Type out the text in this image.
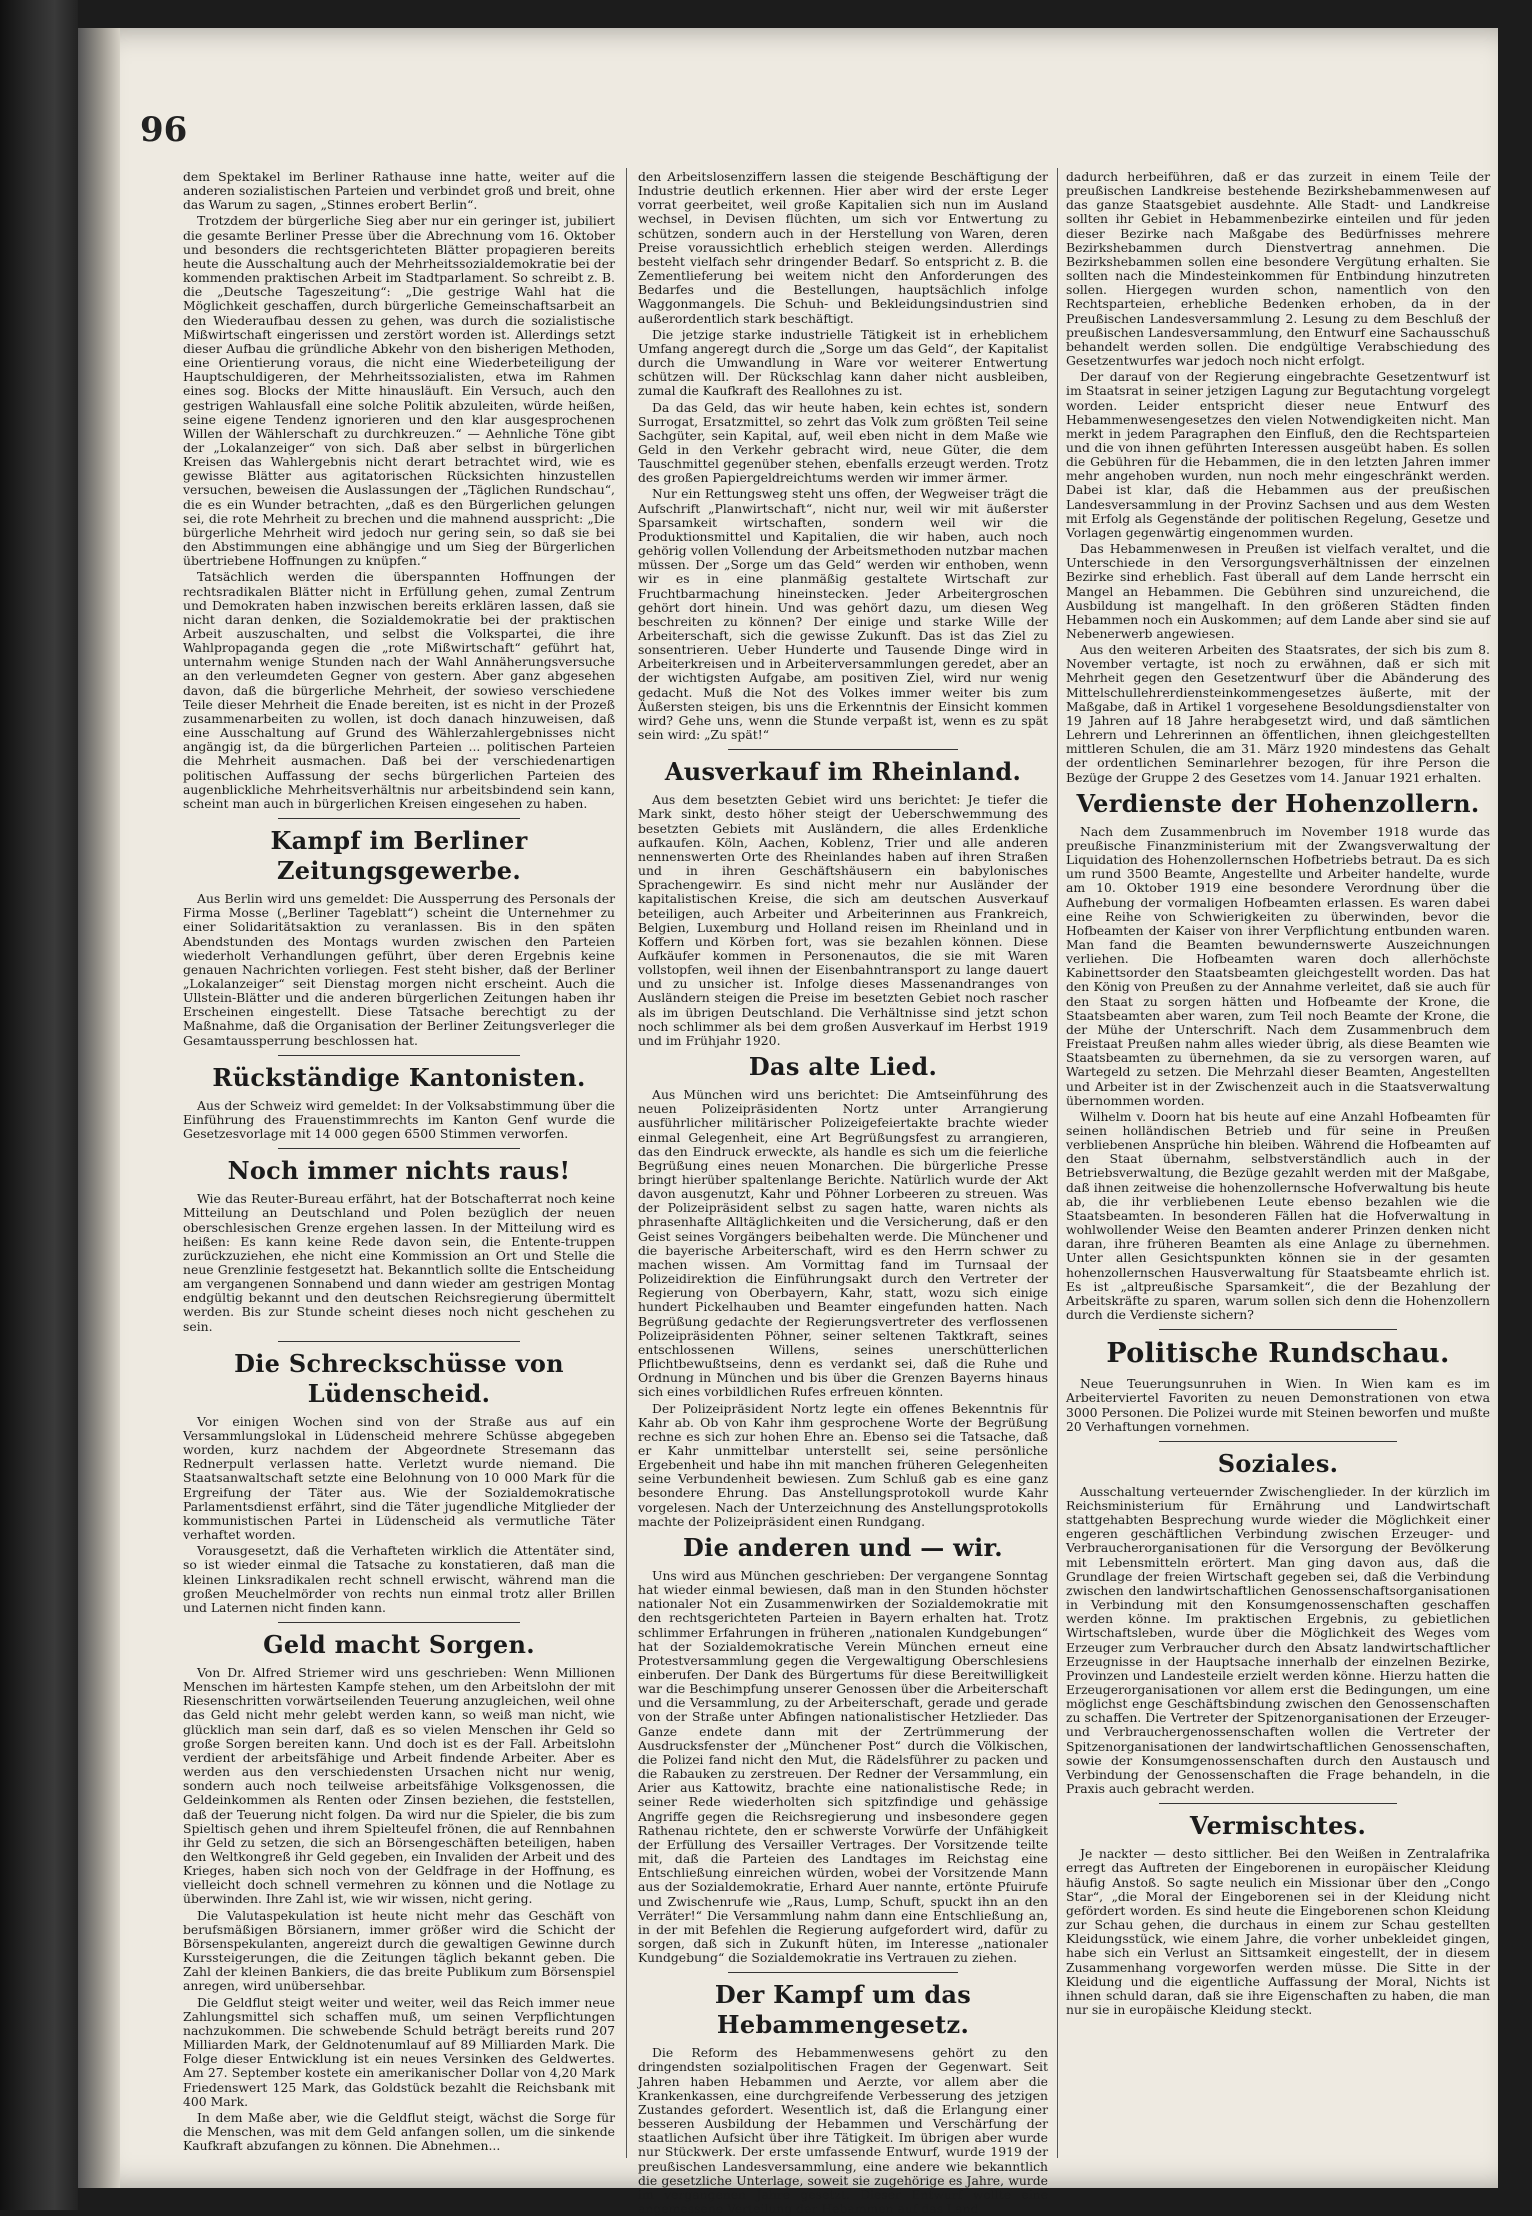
96

dem Spektakel im Berliner Rathause inne hatte, weiter auf die anderen sozialistischen Parteien und verbindet groß und breit, ohne das Warum zu sagen, „Stinnes erobert Berlin“.

Trotzdem der bürgerliche Sieg aber nur ein geringer ist, jubiliert die gesamte Berliner Presse über die Abrechnung vom 16. Oktober und besonders die rechtsgerichteten Blätter propagieren bereits heute die Ausschaltung auch der Mehrheitssozialdemokratie bei der kommenden praktischen Arbeit im Stadtparlament. So schreibt z. B. die „Deutsche Tageszeitung“: „Die gestrige Wahl hat die Möglichkeit geschaffen, durch bürgerliche Gemeinschaftsarbeit an den Wiederaufbau dessen zu gehen, was durch die sozialistische Mißwirtschaft eingerissen und zerstört worden ist. Allerdings setzt dieser Aufbau die gründliche Abkehr von den bisherigen Methoden, eine Orientierung voraus, die nicht eine Wiederbeteiligung der Hauptschuldigeren, der Mehrheitssozialisten, etwa im Rahmen eines sog. Blocks der Mitte hinausläuft. Ein Versuch, auch den gestrigen Wahlausfall eine solche Politik abzuleiten, würde heißen, seine eigene Tendenz ignorieren und den klar ausgesprochenen Willen der Wählerschaft zu durchkreuzen.“ — Aehnliche Töne gibt der „Lokalanzeiger“ von sich. Daß aber selbst in bürgerlichen Kreisen das Wahlergebnis nicht derart betrachtet wird, wie es gewisse Blätter aus agitatorischen Rücksichten hinzustellen versuchen, beweisen die Auslassungen der „Täglichen Rundschau“, die es ein Wunder betrachten, „daß es den Bürgerlichen gelungen sei, die rote Mehrheit zu brechen und die mahnend ausspricht: „Die bürgerliche Mehrheit wird jedoch nur gering sein, so daß sie bei den Abstimmungen eine abhängige und um Sieg der Bürgerlichen übertriebene Hoffnungen zu knüpfen.“

Tatsächlich werden die überspannten Hoffnungen der rechtsradikalen Blätter nicht in Erfüllung gehen, zumal Zentrum und Demokraten haben inzwischen bereits erklären lassen, daß sie nicht daran denken, die Sozialdemokratie bei der praktischen Arbeit auszuschalten, und selbst die Volkspartei, die ihre Wahlpropaganda gegen die „rote Mißwirtschaft“ geführt hat, unternahm wenige Stunden nach der Wahl Annäherungsversuche an den verleumdeten Gegner von gestern. Aber ganz abgesehen davon, daß die bürgerliche Mehrheit, der sowieso verschiedene Teile dieser Mehrheit die Enade bereiten, ist es nicht in der Prozeß zusammenarbeiten zu wollen, ist doch danach hinzuweisen, daß eine Ausschaltung auf Grund des Wählerzahlergebnisses nicht angängig ist, da die bürgerlichen Parteien ... politischen Parteien die Mehrheit ausmachen. Daß bei der verschiedenartigen politischen Auffassung der sechs bürgerlichen Parteien des augenblickliche Mehrheitsverhältnis nur arbeitsbindend sein kann, scheint man auch in bürgerlichen Kreisen eingesehen zu haben.

Kampf im Berliner Zeitungsgewerbe.

Aus Berlin wird uns gemeldet: Die Aussperrung des Personals der Firma Mosse („Berliner Tageblatt“) scheint die Unternehmer zu einer Solidaritätsaktion zu veranlassen. Bis in den späten Abendstunden des Montags wurden zwischen den Parteien wiederholt Verhandlungen geführt, über deren Ergebnis keine genauen Nachrichten vorliegen. Fest steht bisher, daß der Berliner „Lokalanzeiger“ seit Dienstag morgen nicht erscheint. Auch die Ullstein-Blätter und die anderen bürgerlichen Zeitungen haben ihr Erscheinen eingestellt. Diese Tatsache berechtigt zu der Maßnahme, daß die Organisation der Berliner Zeitungsverleger die Gesamtaussperrung beschlossen hat.

Rückständige Kantonisten.

Aus der Schweiz wird gemeldet: In der Volksabstimmung über die Einführung des Frauenstimmrechts im Kanton Genf wurde die Gesetzesvorlage mit 14 000 gegen 6500 Stimmen verworfen.

Noch immer nichts raus!

Wie das Reuter-Bureau erfährt, hat der Botschafterrat noch keine Mitteilung an Deutschland und Polen bezüglich der neuen oberschlesischen Grenze ergehen lassen. In der Mitteilung wird es heißen: Es kann keine Rede davon sein, die Entente-truppen zurückzuziehen, ehe nicht eine Kommission an Ort und Stelle die neue Grenzlinie festgesetzt hat. Bekanntlich sollte die Entscheidung am vergangenen Sonnabend und dann wieder am gestrigen Montag endgültig bekannt und den deutschen Reichsregierung übermittelt werden. Bis zur Stunde scheint dieses noch nicht geschehen zu sein.

Die Schreckschüsse von Lüdenscheid.

Vor einigen Wochen sind von der Straße aus auf ein Versammlungslokal in Lüdenscheid mehrere Schüsse abgegeben worden, kurz nachdem der Abgeordnete Stresemann das Rednerpult verlassen hatte. Verletzt wurde niemand. Die Staatsanwaltschaft setzte eine Belohnung von 10 000 Mark für die Ergreifung der Täter aus. Wie der Sozialdemokratische Parlamentsdienst erfährt, sind die Täter jugendliche Mitglieder der kommunistischen Partei in Lüdenscheid als vermutliche Täter verhaftet worden.

Vorausgesetzt, daß die Verhafteten wirklich die Attentäter sind, so ist wieder einmal die Tatsache zu konstatieren, daß man die kleinen Linksradikalen recht schnell erwischt, während man die großen Meuchelmörder von rechts nun einmal trotz aller Brillen und Laternen nicht finden kann.

Geld macht Sorgen.

Von Dr. Alfred Striemer wird uns geschrieben: Wenn Millionen Menschen im härtesten Kampfe stehen, um den Arbeitslohn der mit Riesenschritten vorwärtseilenden Teuerung anzugleichen, weil ohne das Geld nicht mehr gelebt werden kann, so weiß man nicht, wie glücklich man sein darf, daß es so vielen Menschen ihr Geld so große Sorgen bereiten kann. Und doch ist es der Fall. Arbeitslohn verdient der arbeitsfähige und Arbeit findende Arbeiter. Aber es werden aus den verschiedensten Ursachen nicht nur wenig, sondern auch noch teilweise arbeitsfähige Volksgenossen, die Geldeinkommen als Renten oder Zinsen beziehen, die feststellen, daß der Teuerung nicht folgen. Da wird nur die Spieler, die bis zum Spieltisch gehen und ihrem Spielteufel frönen, die auf Rennbahnen ihr Geld zu setzen, die sich an Börsengeschäften beteiligen, haben den Weltkongreß ihr Geld gegeben, ein Invaliden der Arbeit und des Krieges, haben sich noch von der Geldfrage in der Hoffnung, es vielleicht doch schnell vermehren zu können und die Notlage zu überwinden. Ihre Zahl ist, wie wir wissen, nicht gering.

Die Valutaspekulation ist heute nicht mehr das Geschäft von berufsmäßigen Börsianern, immer größer wird die Schicht der Börsenspekulanten, angereizt durch die gewaltigen Gewinne durch Kurssteigerungen, die die Zeitungen täglich bekannt geben. Die Zahl der kleinen Bankiers, die das breite Publikum zum Börsenspiel anregen, wird unübersehbar.

Die Geldflut steigt weiter und weiter, weil das Reich immer neue Zahlungsmittel sich schaffen muß, um seinen Verpflichtungen nachzukommen. Die schwebende Schuld beträgt bereits rund 207 Milliarden Mark, der Geldnotenumlauf auf 89 Milliarden Mark. Die Folge dieser Entwicklung ist ein neues Versinken des Geldwertes. Am 27. September kostete ein amerikanischer Dollar von 4,20 Mark Friedenswert 125 Mark, das Goldstück bezahlt die Reichsbank mit 400 Mark.

In dem Maße aber, wie die Geldflut steigt, wächst die Sorge für die Menschen, was mit dem Geld anfangen sollen, um die sinkende Kaufkraft abzufangen zu können. Die Abnehmen...

den Arbeitslosenziffern lassen die steigende Beschäftigung der Industrie deutlich erkennen. Hier aber wird der erste Leger vorrat geerbeitet, weil große Kapitalien sich nun im Ausland wechsel, in Devisen flüchten, um sich vor Entwertung zu schützen, sondern auch in der Herstellung von Waren, deren Preise voraussichtlich erheblich steigen werden. Allerdings besteht vielfach sehr dringender Bedarf. So entspricht z. B. die Zementlieferung bei weitem nicht den Anforderungen des Bedarfes und die Bestellungen, hauptsächlich infolge Waggonmangels. Die Schuh- und Bekleidungsindustrien sind außerordentlich stark beschäftigt.

Die jetzige starke industrielle Tätigkeit ist in erheblichem Umfang angeregt durch die „Sorge um das Geld“, der Kapitalist durch die Umwandlung in Ware vor weiterer Entwertung schützen will. Der Rückschlag kann daher nicht ausbleiben, zumal die Kaufkraft des Reallohnes zu ist.

Da das Geld, das wir heute haben, kein echtes ist, sondern Surrogat, Ersatzmittel, so zehrt das Volk zum größten Teil seine Sachgüter, sein Kapital, auf, weil eben nicht in dem Maße wie Geld in den Verkehr gebracht wird, neue Güter, die dem Tauschmittel gegenüber stehen, ebenfalls erzeugt werden. Trotz des großen Papiergeldreichtums werden wir immer ärmer.

Nur ein Rettungsweg steht uns offen, der Wegweiser trägt die Aufschrift „Planwirtschaft“, nicht nur, weil wir mit äußerster Sparsamkeit wirtschaften, sondern weil wir die Produktionsmittel und Kapitalien, die wir haben, auch noch gehörig vollen Vollendung der Arbeitsmethoden nutzbar machen müssen. Der „Sorge um das Geld“ werden wir enthoben, wenn wir es in eine planmäßig gestaltete Wirtschaft zur Fruchtbarmachung hineinstecken. Jeder Arbeitergroschen gehört dort hinein. Und was gehört dazu, um diesen Weg beschreiten zu können? Der einige und starke Wille der Arbeiterschaft, sich die gewisse Zukunft. Das ist das Ziel zu sonsentrieren. Ueber Hunderte und Tausende Dinge wird in Arbeiterkreisen und in Arbeiterversammlungen geredet, aber an der wichtigsten Aufgabe, am positiven Ziel, wird nur wenig gedacht. Muß die Not des Volkes immer weiter bis zum Äußersten steigen, bis uns die Erkenntnis der Einsicht kommen wird? Gehe uns, wenn die Stunde verpaßt ist, wenn es zu spät sein wird: „Zu spät!“

Ausverkauf im Rheinland.

Aus dem besetzten Gebiet wird uns berichtet: Je tiefer die Mark sinkt, desto höher steigt der Ueberschwemmung des besetzten Gebiets mit Ausländern, die alles Erdenkliche aufkaufen. Köln, Aachen, Koblenz, Trier und alle anderen nennenswerten Orte des Rheinlandes haben auf ihren Straßen und in ihren Geschäftshäusern ein babylonisches Sprachengewirr. Es sind nicht mehr nur Ausländer der kapitalistischen Kreise, die sich am deutschen Ausverkauf beteiligen, auch Arbeiter und Arbeiterinnen aus Frankreich, Belgien, Luxemburg und Holland reisen im Rheinland und in Koffern und Körben fort, was sie bezahlen können. Diese Aufkäufer kommen in Personenautos, die sie mit Waren vollstopfen, weil ihnen der Eisenbahntransport zu lange dauert und zu unsicher ist. Infolge dieses Massenandranges von Ausländern steigen die Preise im besetzten Gebiet noch rascher als im übrigen Deutschland. Die Verhältnisse sind jetzt schon noch schlimmer als bei dem großen Ausverkauf im Herbst 1919 und im Frühjahr 1920.

Das alte Lied.

Aus München wird uns berichtet: Die Amtseinführung des neuen Polizeipräsidenten Nortz unter Arrangierung ausführlicher militärischer Polizeigefeiertakte brachte wieder einmal Gelegenheit, eine Art Begrüßungsfest zu arrangieren, das den Eindruck erweckte, als handle es sich um die feierliche Begrüßung eines neuen Monarchen. Die bürgerliche Presse bringt hierüber spaltenlange Berichte. Natürlich wurde der Akt davon ausgenutzt, Kahr und Pöhner Lorbeeren zu streuen. Was der Polizeipräsident selbst zu sagen hatte, waren nichts als phrasenhafte Alltäglichkeiten und die Versicherung, daß er den Geist seines Vorgängers beibehalten werde. Die Münchener und die bayerische Arbeiterschaft, wird es den Herrn schwer zu machen wissen. Am Vormittag fand im Turnsaal der Polizeidirektion die Einführungsakt durch den Vertreter der Regierung von Oberbayern, Kahr, statt, wozu sich einige hundert Pickelhauben und Beamter eingefunden hatten. Nach Begrüßung gedachte der Regierungsvertreter des verflossenen Polizeipräsidenten Pöhner, seiner seltenen Taktkraft, seines entschlossenen Willens, seines unerschütterlichen Pflichtbewußtseins, denn es verdankt sei, daß die Ruhe und Ordnung in München und bis über die Grenzen Bayerns hinaus sich eines vorbildlichen Rufes erfreuen könnten.

Der Polizeipräsident Nortz legte ein offenes Bekenntnis für Kahr ab. Ob von Kahr ihm gesprochene Worte der Begrüßung rechne es sich zur hohen Ehre an. Ebenso sei die Tatsache, daß er Kahr unmittelbar unterstellt sei, seine persönliche Ergebenheit und habe ihn mit manchen früheren Gelegenheiten seine Verbundenheit bewiesen. Zum Schluß gab es eine ganz besondere Ehrung. Das Anstellungsprotokoll wurde Kahr vorgelesen. Nach der Unterzeichnung des Anstellungsprotokolls machte der Polizeipräsident einen Rundgang.

Die anderen und — wir.

Uns wird aus München geschrieben: Der vergangene Sonntag hat wieder einmal bewiesen, daß man in den Stunden höchster nationaler Not ein Zusammenwirken der Sozialdemokratie mit den rechtsgerichteten Parteien in Bayern erhalten hat. Trotz schlimmer Erfahrungen in früheren „nationalen Kundgebungen“ hat der Sozialdemokratische Verein München erneut eine Protestversammlung gegen die Vergewaltigung Oberschlesiens einberufen. Der Dank des Bürgertums für diese Bereitwilligkeit war die Beschimpfung unserer Genossen über die Arbeiterschaft und die Versammlung, zu der Arbeiterschaft, gerade und gerade von der Straße unter Abfingen nationalistischer Hetzlieder. Das Ganze endete dann mit der Zertrümmerung der Ausdrucksfenster der „Münchener Post“ durch die Völkischen, die Polizei fand nicht den Mut, die Rädelsführer zu packen und die Rabauken zu zerstreuen. Der Redner der Versammlung, ein Arier aus Kattowitz, brachte eine nationalistische Rede; in seiner Rede wiederholten sich spitzfindige und gehässige Angriffe gegen die Reichsregierung und insbesondere gegen Rathenau richtete, den er schwerste Vorwürfe der Unfähigkeit der Erfüllung des Versailler Vertrages. Der Vorsitzende teilte mit, daß die Parteien des Landtages im Reichstag eine Entschließung einreichen würden, wobei der Vorsitzende Mann aus der Sozialdemokratie, Erhard Auer nannte, ertönte Pfuirufe und Zwischenrufe wie „Raus, Lump, Schuft, spuckt ihn an den Verräter!“ Die Versammlung nahm dann eine Entschließung an, in der mit Befehlen die Regierung aufgefordert wird, dafür zu sorgen, daß sich in Zukunft hüten, im Interesse „nationaler Kundgebung“ die Sozialdemokratie ins Vertrauen zu ziehen.

Der Kampf um das Hebammengesetz.

Die Reform des Hebammenwesens gehört zu den dringendsten sozialpolitischen Fragen der Gegenwart. Seit Jahren haben Hebammen und Aerzte, vor allem aber die Krankenkassen, eine durchgreifende Verbesserung des jetzigen Zustandes gefordert. Wesentlich ist, daß die Erlangung einer besseren Ausbildung der Hebammen und Verschärfung der staatlichen Aufsicht über ihre Tätigkeit. Im übrigen aber wurde nur Stückwerk. Der erste umfassende Entwurf, wurde 1919 der preußischen Landesversammlung, eine andere wie bekanntlich die gesetzliche Unterlage, soweit sie zugehörige es Jahre, wurde im vergangenen Jahre gesetzt. Dieser Entwurf wollte eine angemessene Verteilung der Hebammen auf das Land

dadurch herbeiführen, daß er das zurzeit in einem Teile der preußischen Landkreise bestehende Bezirkshebammenwesen auf das ganze Staatsgebiet ausdehnte. Alle Stadt- und Landkreise sollten ihr Gebiet in Hebammenbezirke einteilen und für jeden dieser Bezirke nach Maßgabe des Bedürfnisses mehrere Bezirkshebammen durch Dienstvertrag annehmen. Die Bezirkshebammen sollen eine besondere Vergütung erhalten. Sie sollten nach die Mindesteinkommen für Entbindung hinzutreten sollen. Hiergegen wurden schon, namentlich von den Rechtsparteien, erhebliche Bedenken erhoben, da in der Preußischen Landesversammlung 2. Lesung zu dem Beschluß der preußischen Landesversammlung, den Entwurf eine Sachausschuß behandelt werden sollen. Die endgültige Verabschiedung des Gesetzentwurfes war jedoch noch nicht erfolgt.

Der darauf von der Regierung eingebrachte Gesetzentwurf ist im Staatsrat in seiner jetzigen Lagung zur Begutachtung vorgelegt worden. Leider entspricht dieser neue Entwurf des Hebammenwesengesetzes den vielen Notwendigkeiten nicht. Man merkt in jedem Paragraphen den Einfluß, den die Rechtsparteien und die von ihnen geführten Interessen ausgeübt haben. Es sollen die Gebühren für die Hebammen, die in den letzten Jahren immer mehr angehoben wurden, nun noch mehr eingeschränkt werden. Dabei ist klar, daß die Hebammen aus der preußischen Landesversammlung in der Provinz Sachsen und aus dem Westen mit Erfolg als Gegenstände der politischen Regelung, Gesetze und Vorlagen gegenwärtig eingenommen wurden.

Das Hebammenwesen in Preußen ist vielfach veraltet, und die Unterschiede in den Versorgungsverhältnissen der einzelnen Bezirke sind erheblich. Fast überall auf dem Lande herrscht ein Mangel an Hebammen. Die Gebühren sind unzureichend, die Ausbildung ist mangelhaft. In den größeren Städten finden Hebammen noch ein Auskommen; auf dem Lande aber sind sie auf Nebenerwerb angewiesen.

Aus den weiteren Arbeiten des Staatsrates, der sich bis zum 8. November vertagte, ist noch zu erwähnen, daß er sich mit Mehrheit gegen den Gesetzentwurf über die Abänderung des Mittelschullehrerdiensteinkommengesetzes äußerte, mit der Maßgabe, daß in Artikel 1 vorgesehene Besoldungsdienstalter von 19 Jahren auf 18 Jahre herabgesetzt wird, und daß sämtlichen Lehrern und Lehrerinnen an öffentlichen, ihnen gleichgestellten mittleren Schulen, die am 31. März 1920 mindestens das Gehalt der ordentlichen Seminarlehrer bezogen, für ihre Person die Bezüge der Gruppe 2 des Gesetzes vom 14. Januar 1921 erhalten.

Verdienste der Hohenzollern.

Nach dem Zusammenbruch im November 1918 wurde das preußische Finanzministerium mit der Zwangsverwaltung der Liquidation des Hohenzollernschen Hofbetriebs betraut. Da es sich um rund 3500 Beamte, Angestellte und Arbeiter handelte, wurde am 10. Oktober 1919 eine besondere Verordnung über die Aufhebung der vormaligen Hofbeamten erlassen. Es waren dabei eine Reihe von Schwierigkeiten zu überwinden, bevor die Hofbeamten der Kaiser von ihrer Verpflichtung entbunden waren. Man fand die Beamten bewundernswerte Auszeichnungen verliehen. Die Hofbeamten waren doch allerhöchste Kabinettsorder den Staatsbeamten gleichgestellt worden. Das hat den König von Preußen zu der Annahme verleitet, daß sie auch für den Staat zu sorgen hätten und Hofbeamte der Krone, die Staatsbeamten aber waren, zum Teil noch Beamte der Krone, die der Mühe der Unterschrift. Nach dem Zusammenbruch dem Freistaat Preußen nahm alles wieder übrig, als diese Beamten wie Staatsbeamten zu übernehmen, da sie zu versorgen waren, auf Wartegeld zu setzen. Die Mehrzahl dieser Beamten, Angestellten und Arbeiter ist in der Zwischenzeit auch in die Staatsverwaltung übernommen worden.

Wilhelm v. Doorn hat bis heute auf eine Anzahl Hofbeamten für seinen holländischen Betrieb und für seine in Preußen verbliebenen Ansprüche hin bleiben. Während die Hofbeamten auf den Staat übernahm, selbstverständlich auch in der Betriebsverwaltung, die Bezüge gezahlt werden mit der Maßgabe, daß ihnen zeitweise die hohenzollernsche Hofverwaltung bis heute ab, die ihr verbliebenen Leute ebenso bezahlen wie die Staatsbeamten. In besonderen Fällen hat die Hofverwaltung in wohlwollender Weise den Beamten anderer Prinzen denken nicht daran, ihre früheren Beamten als eine Anlage zu übernehmen. Unter allen Gesichtspunkten können sie in der gesamten hohenzollernschen Hausverwaltung für Staatsbeamte ehrlich ist. Es ist „altpreußische Sparsamkeit“, die der Bezahlung der Arbeitskräfte zu sparen, warum sollen sich denn die Hohenzollern durch die Verdienste sichern?

Politische Rundschau.

Neue Teuerungsunruhen in Wien. In Wien kam es im Arbeiterviertel Favoriten zu neuen Demonstrationen von etwa 3000 Personen. Die Polizei wurde mit Steinen beworfen und mußte 20 Verhaftungen vornehmen.

Soziales.

Ausschaltung verteuernder Zwischenglieder. In der kürzlich im Reichsministerium für Ernährung und Landwirtschaft stattgehabten Besprechung wurde wieder die Möglichkeit einer engeren geschäftlichen Verbindung zwischen Erzeuger- und Verbraucherorganisationen für die Versorgung der Bevölkerung mit Lebensmitteln erörtert. Man ging davon aus, daß die Grundlage der freien Wirtschaft gegeben sei, daß die Verbindung zwischen den landwirtschaftlichen Genossenschaftsorganisationen in Verbindung mit den Konsumgenossenschaften geschaffen werden könne. Im praktischen Ergebnis, zu gebietlichen Wirtschaftsleben, wurde über die Möglichkeit des Weges vom Erzeuger zum Verbraucher durch den Absatz landwirtschaftlicher Erzeugnisse in der Hauptsache innerhalb der einzelnen Bezirke, Provinzen und Landesteile erzielt werden könne. Hierzu hatten die Erzeugerorganisationen vor allem erst die Bedingungen, um eine möglichst enge Geschäftsbindung zwischen den Genossenschaften zu schaffen. Die Vertreter der Spitzenorganisationen der Erzeuger- und Verbrauchergenossenschaften wollen die Vertreter der Spitzenorganisationen der landwirtschaftlichen Genossenschaften, sowie der Konsumgenossenschaften durch den Austausch und Verbindung der Genossenschaften die Frage behandeln, in die Praxis auch gebracht werden.

Vermischtes.

Je nackter — desto sittlicher. Bei den Weißen in Zentralafrika erregt das Auftreten der Eingeborenen in europäischer Kleidung häufig Anstoß. So sagte neulich ein Missionar über den „Congo Star“, „die Moral der Eingeborenen sei in der Kleidung nicht gefördert worden. Es sind heute die Eingeborenen schon Kleidung zur Schau gehen, die durchaus in einem zur Schau gestellten Kleidungsstück, wie einem Jahre, die vorher unbekleidet gingen, habe sich ein Verlust an Sittsamkeit eingestellt, der in diesem Zusammenhang vorgeworfen werden müsse. Die Sitte in der Kleidung und die eigentliche Auffassung der Moral, Nichts ist ihnen schuld daran, daß sie ihre Eigenschaften zu haben, die man nur sie in europäische Kleidung steckt.
